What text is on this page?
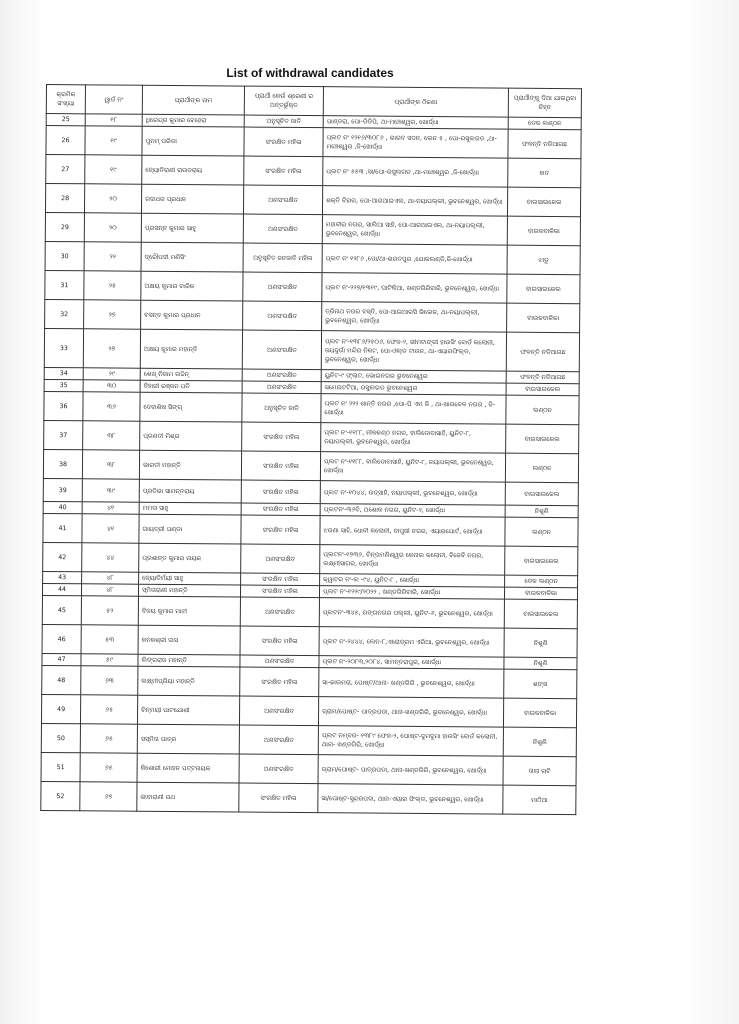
List of withdrawal candidates
କ୍ରମିକ ସଂଖ୍ୟା	ୱାର୍ଡ ନଂ	ପ୍ରାର୍ଥୀଙ୍କ ନାମ	ପ୍ରାର୍ଥୀ କେଉଁ ଶ୍ରେଣୀ ର ଅନ୍ତର୍ଭୁକ୍ତ	ପ୍ରାର୍ଥୀଙ୍କ ଠିକଣା	ପ୍ରାର୍ଥୀଙ୍କୁ ଦିଆ ଯାଇଥିବା ଚିହ୍ନ
25	୧୮	ଧିରେନ୍ଦ୍ର କୁମାର ବେହେରା	ଅନୁସୂଚିତ ଜାତି	ପାଣ୍ଡରା, ପୋ-ଡିଡିପି, ଥା-ମଞ୍ଚେଶ୍ୱର, ଖୋର୍ଦ୍ଧା	ଡେକ ଲଣ୍ଠନ
26	୧୯	ପୁନମ୍ ପରିଡା	ସଂରକ୍ଷିତ ମହିଳା	ପ୍ଲଟ ନଂ ୧୨୧୬/୩୦୮୬ , ଭାରତ ସଦନ, ଲେନ ୫ , ପୋ-ରସୁଲଗଡ ,ଥା-ମଞ୍ଚେଶ୍ୱର ,ଜି-ଖୋର୍ଦ୍ଧା	ଫଳନ୍ତି ନଡିଆଗଛ
27	୧୯	ଜ୍ୟୋତିରାଣୀ ରାଉତରାୟ	ସଂରକ୍ଷିତ ମହିଳା	ପ୍ଲଟ ନଂ ୫୫୩ ,ସା/ପୋ-ରସୁଲଗଡ ,ଥା-ମଞ୍ଚେଶ୍ୱର ,ଜି-ଖୋର୍ଦ୍ଧା	ହାତ
28	୨୦	ଗଦାଧର ପ୍ରଧାନ	ଅଣସଂରକ୍ଷିତ	ଶକ୍ତି ବିହାର, ପୋ-ଆରଆଇଏଲ, ଥା-ନୟାପଲ୍ଲୀ, ଭୁବନେଶ୍ୱର, ଖୋର୍ଦ୍ଧା	ବାଇସାଇକେଲ
29	୨୦	ପ୍ରସନ୍ନ କୁମାର ସାହୁ	ଅଣସଂରକ୍ଷିତ	ମହାବୀର ନଗର, ସାଲିଆ ସାହି, ପୋ-ଆରଆଇଏଲ, ଥା-ନୟାପଲ୍ଲୀ, ଭୁବନେଶ୍ୱର, ଖୋର୍ଦ୍ଧା	ବାଇକବାଳିକା
30	୨୨	ଦ୍ରୌପଦୀ ମଣିସିଂ	ଅନୁସୂଚିତ ଜନଜାତି ମହିଳା	ପ୍ଲଟ ନଂ ୧୨୮୬ ,ପୋ/ଥା-ଭରତପୁର ,ଯୋକଲଣ୍ଡି,ଜି-ଖୋର୍ଦ୍ଧା	ଝାଡୁ
31	୨୫	ଅକ୍ଷୟ କୁମାର ବାରିକ	ଅଣସଂରକ୍ଷିତ	ପ୍ଲଟ ନଂ-୨୨୭/୧୩୧୯, ଘାଟିକିଆ, ଖଣ୍ଡଗିରିବାରି, ଭୁବନେଶ୍ୱର, ଖୋର୍ଦ୍ଧା	ବାଇସାଇକେଲ
32	୨୭	ବସନ୍ତ କୁମାର ପ୍ରଧାନ	ଅଣସଂରକ୍ଷିତ	ତ୍ରିନାଥ ନଗର ବସ୍ତି, ପୋ-ଆଇଆରସି ଭିଲେଜ, ଥା-ନୟାପଲ୍ଲୀ, ଭୁବନେଶ୍ୱର, ଖୋର୍ଦ୍ଧା	ବାଇକବାଳିକା
33	୨୭	ଅକ୍ଷୟ କୁମାର ମହାନ୍ତି	ଅଣସଂରକ୍ଷିତ	ପ୍ଲଟ ନଂ-୧୩୮୬/୨୫୦୬, ଫେଜ-୨, ଭୀମଟାଙ୍ଗୀ ହାଉସିଂ ବୋର୍ଡ କଲୋନୀ, ଜୟଦୁର୍ଗା ମନ୍ଦିର ନିକଟ, ପୋ-ଓଲ୍ଡ ଟାଉନ, ଥା-ଏୟାରଫିଲ୍ଡ, ଭୁବନେଶ୍ୱର, ଖୋର୍ଦ୍ଧା	ଫଳନ୍ତି ନଡିଆଗଛ
34	୨୯	ଶେଖ୍ ନିଜାମ ଉଦ୍ଦିନ୍	ଅଣସଂରକ୍ଷିତ	ୟୁନିଟ-୯ ଫ୍ଲାଟ, ଭୋଇନଗର ଭୁବନେଶ୍ୱର	ଫଳନ୍ତି ନଡିଆଗଛ
35	୩୦	ବିହାରୀ ରଞ୍ଜନ ପତି	ଅଣସଂରକ୍ଷିତ	ସମେଇଟଟିଆ, ରସୁଲଗଡ ଭୁବନେଶ୍ୱର	ବାଇସାଇକେଲ
36	୩୬	ଦେବାଶିଷ ସିଙ୍ଗ୍	ଅନୁସୂଚିତ ଜାତି	ପ୍ଲଟ ନଂ ୨୨୨ ଶାନ୍ତି ନଗର ,ପୋ-ପି ଏମ ଜି , ଥା-ଖାରବେଳ ନଗର , ଜି-ଖୋର୍ଦ୍ଧା	ଲଣ୍ଠନ
37	୩୮	ପ୍ରଣତୀ ମିଶ୍ର	ସଂରକ୍ଷିତ ମହିଳା	ପ୍ଲଟ ନଂ-୧୧୮୮, ନୀଳକଣ୍ଠ ନଗର, ବାଲିଡୋବାସାହି, ୟୁନିଟ-୮, ନୟାପଲ୍ଲୀ, ଭୁବନେଶ୍ୱର, ଖୋର୍ଦ୍ଧା	ବାଇସାଇକେଲ
38	୩୮	ଭାରତୀ ମହାନ୍ତି	ସଂରକ୍ଷିତ ମହିଳା	ପ୍ଲଟ ନଂ-୧୧୮୮, ବାଲିଡୋବାସାହି, ୟୁନିଟ-୮, ନୟାପଲ୍ଲୀ, ଭୁବନେଶ୍ୱର, ଖୋର୍ଦ୍ଧା	ଲଣ୍ଠନ
39	୩୯	ପ୍ରତିଭା ସାମନ୍ତରାୟ	ସଂରକ୍ଷିତ ମହିଳା	ପ୍ଲଟ ନଂ-୧୦୪୪, ଉଦ୍ସାହି, ନୟାପଲ୍ଲୀ, ଭୁବନେଶ୍ୱର, ଖୋର୍ଦ୍ଧା	ବାଇସାଇକେଲ
40	୪୧	ମମତା ସାହୁ	ସଂରକ୍ଷିତ ମହିଳା	ପ୍ଲଟନଂ-୩୬ବି, ଅଶୋକ ନଗର, ୟୁନିଟ-୨, ଖୋର୍ଦ୍ଧା	ନିଶୁଣି
41	୪୧	ଗାୟତ୍ରୀ ପଣ୍ଡା	ସଂରକ୍ଷିତ ମହିଳା	ଝରଣା ସାହି, ଧୋବୀ କଲୋନୀ, ବାପୁଜୀ ନଗର, ଏୟାରପୋର୍ଟ, ଖୋର୍ଦ୍ଧା	ଲଣ୍ଠନ
42	୪୪	ପ୍ରଶାନ୍ତ କୁମାର ନାୟକ	ଅଣସଂରକ୍ଷିତ	ପ୍ଲଟନଂ-୧୭୩୬, ଚିନ୍ତାମଣିଶ୍ୱର କେନାଲ କଲୋନୀ, ବିଜେବି ନଗର, ଲକ୍ଷ୍ମୀସାଗର, ଖୋର୍ଦ୍ଧା	ବାଇସାଇକେଲ
43	୪୮	ଜ୍ୟୋତିର୍ମୟୀ ସାହୁ	ସଂରକ୍ଷିତ ମହିଳା	କ୍ୱାଟର ନଂ-ଲ -୯୪, ୟୁନିଟ-୮ , ଖୋର୍ଦ୍ଧା	ଡେକ ଲଣ୍ଠନ
44	୪୮	ସ୍ମିତାରାଣୀ ମହାନ୍ତି	ସଂରକ୍ଷିତ ମହିଳା	ପ୍ଲଟ ନଂ-୧୨୨୯/୨୦୨୨ , ଖଣ୍ଡଗିରିବାରି, ଖୋର୍ଦ୍ଧା	ବାଇକବାଳିକା
45	୫୨	ବିଜୟ କୁମାର ମାଝୀ	ଅଣସଂରକ୍ଷିତ	ପ୍ଲଟନଂ-୩୪୫, ରଙ୍ଗନଗର ପଲ୍ଲୀ, ୟୁନିଟ-୬, ଭୁବନେଶ୍ୱର, ଖୋର୍ଦ୍ଧା	ବାଇସାଇକେଲ
46	୫୩	କନକଶ୍ରୀ ଦାସ	ସଂରକ୍ଷିତ ମହିଳା	ପ୍ଲଟ ନଂ-୨୪୪୪, ଲେନ-୮,ଏରୋଡ୍ରମ ଏରିଆ, ଭୁବନେଶ୍ୱର, ଖୋର୍ଦ୍ଧା	ନିଶୁଣି
47	୫୯	ଲିଙ୍ଗରାଜ ମହାନ୍ତି	ଅଣସଂରକ୍ଷିତ	ପ୍ଲଟ ନଂ-୨୦୮୩,୨୦୮୪, ସାମନ୍ତରାପୁର, ଖୋର୍ଦ୍ଧା	ନିଶୁଣି
48	୬୩	ଲକ୍ଷ୍ମୀପ୍ରିୟା ମହାନ୍ତି	ସଂରକ୍ଷିତ ମହିଳା	ସା-ଢାଉମରା, ପୋଷ୍ଟ/ଥାନା- ଖଣ୍ଡଗିରି , ଭୁବନେଶ୍ୱର, ଖୋର୍ଦ୍ଧା	ଶଙ୍ଖ
49	୬୫	ଚିନ୍ମୟୀ ପାଟଯୋଶୀ	ଅଣସଂରକ୍ଷିତ	ଗ୍ରାମ/ପୋଷ୍ଟ- ପାତ୍ରପଡା, ଥାନା-ଖଣ୍ଡଗିରି, ଭୁବନେଶ୍ୱର, ଖୋର୍ଦ୍ଧା	ବାଇକବାଳିକା
50	୬୫	ସସ୍ମିତା ପାତ୍ର	ଅଣସଂରକ୍ଷିତ	ପ୍ଲଟ ନମ୍ବର- ୧୩୮୯ ଫେଜ-୨, ପୋଷ୍ଟ-ଦୁମଦୁମା ହାଉସିଂ ବୋର୍ଡ କଲୋନୀ, ଥାନା- ଖଣ୍ଡଗିରି, ଖୋର୍ଦ୍ଧା	ନିଶୁଣି
51	୬୫	କିଶୋରୀ ମୋହନ ପଟ୍ଟନାୟକ	ଅଣସଂରକ୍ଷିତ	ଗ୍ରାମ/ପୋଷ୍ଟ- ପାତ୍ରପଡା, ଥାନା-ଖଣ୍ଡଗିରି, ଭୁବନେଶ୍ୱର, ଖୋର୍ଦ୍ଧା	ତାଲା ଚାବି
52	୬୭	ଭାବାରାଣୀ ରଥ	ସଂରକ୍ଷିତ ମହିଳା	ସା/ପୋଷ୍ଟ-ସୁନ୍ଦରପଦା, ଥାନା-ଏୟାର ଫିଲ୍ଡ, ଭୁବନେଶ୍ୱର, ଖୋର୍ଦ୍ଧା	ମାଠିଆ
